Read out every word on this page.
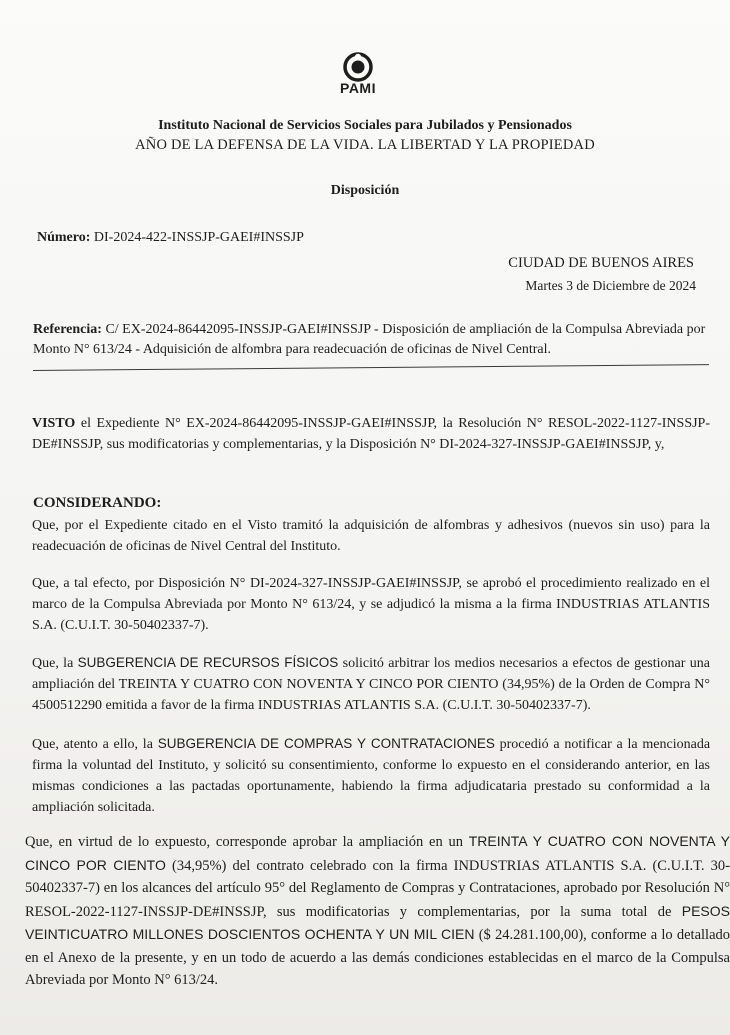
PAMI
Instituto Nacional de Servicios Sociales para Jubilados y Pensionados
AÑO DE LA DEFENSA DE LA VIDA. LA LIBERTAD Y LA PROPIEDAD
Disposición
Número: DI-2024-422-INSSJP-GAEI#INSSJP
CIUDAD DE BUENOS AIRES
Martes 3 de Diciembre de 2024
Referencia: C/ EX-2024-86442095-INSSJP-GAEI#INSSJP - Disposición de ampliación de la Compulsa Abreviada por Monto N° 613/24 - Adquisición de alfombra para readecuación de oficinas de Nivel Central.
VISTO el Expediente N° EX-2024-86442095-INSSJP-GAEI#INSSJP, la Resolución N° RESOL-2022-1127-INSSJP-DE#INSSJP, sus modificatorias y complementarias, y la Disposición N° DI-2024-327-INSSJP-GAEI#INSSJP, y,
CONSIDERANDO:
Que, por el Expediente citado en el Visto tramitó la adquisición de alfombras y adhesivos (nuevos sin uso) para la readecuación de oficinas de Nivel Central del Instituto.
Que, a tal efecto, por Disposición N° DI-2024-327-INSSJP-GAEI#INSSJP, se aprobó el procedimiento realizado en el marco de la Compulsa Abreviada por Monto N° 613/24, y se adjudicó la misma a la firma INDUSTRIAS ATLANTIS S.A. (C.U.I.T. 30-50402337-7).
Que, la SUBGERENCIA DE RECURSOS FÍSICOS solicitó arbitrar los medios necesarios a efectos de gestionar una ampliación del TREINTA Y CUATRO CON NOVENTA Y CINCO POR CIENTO (34,95%) de la Orden de Compra N° 4500512290 emitida a favor de la firma INDUSTRIAS ATLANTIS S.A. (C.U.I.T. 30-50402337-7).
Que, atento a ello, la SUBGERENCIA DE COMPRAS Y CONTRATACIONES procedió a notificar a la mencionada firma la voluntad del Instituto, y solicitó su consentimiento, conforme lo expuesto en el considerando anterior, en las mismas condiciones a las pactadas oportunamente, habiendo la firma adjudicataria prestado su conformidad a la ampliación solicitada.
Que, en virtud de lo expuesto, corresponde aprobar la ampliación en un TREINTA Y CUATRO CON NOVENTA Y CINCO POR CIENTO (34,95%) del contrato celebrado con la firma INDUSTRIAS ATLANTIS S.A. (C.U.I.T. 30-50402337-7) en los alcances del artículo 95° del Reglamento de Compras y Contrataciones, aprobado por Resolución N° RESOL-2022-1127-INSSJP-DE#INSSJP, sus modificatorias y complementarias, por la suma total de PESOS VEINTICUATRO MILLONES DOSCIENTOS OCHENTA Y UN MIL CIEN ($ 24.281.100,00), conforme a lo detallado en el Anexo de la presente, y en un todo de acuerdo a las demás condiciones establecidas en el marco de la Compulsa Abreviada por Monto N° 613/24.
